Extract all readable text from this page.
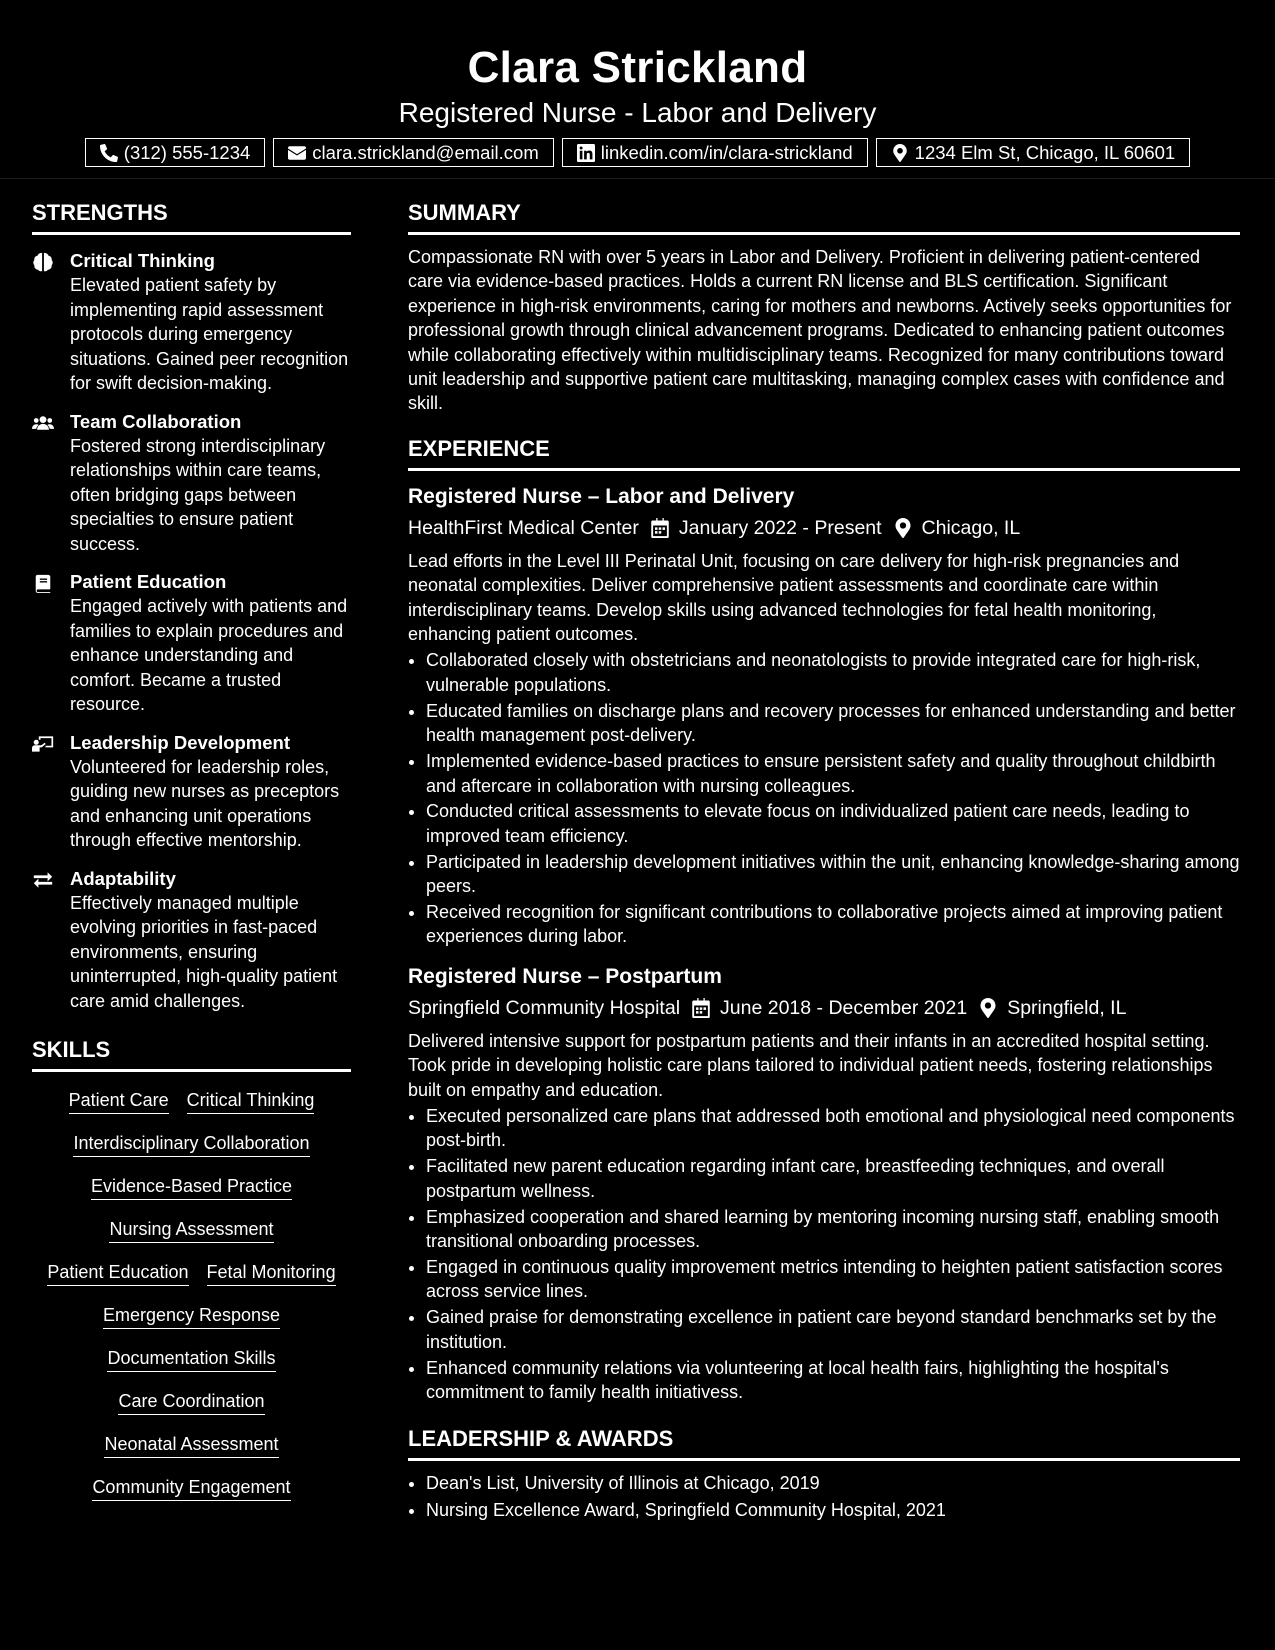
Clara Strickland
Registered Nurse - Labor and Delivery
(312) 555-1234	clara.strickland@email.com	linkedin.com/in/clara-strickland	1234 Elm St, Chicago, IL 60601
STRENGTHS
Critical Thinking
Elevated patient safety by implementing rapid assessment protocols during emergency situations. Gained peer recognition for swift decision-making.
Team Collaboration
Fostered strong interdisciplinary relationships within care teams, often bridging gaps between specialties to ensure patient success.
Patient Education
Engaged actively with patients and families to explain procedures and enhance understanding and comfort. Became a trusted resource.
Leadership Development
Volunteered for leadership roles, guiding new nurses as preceptors and enhancing unit operations through effective mentorship.
Adaptability
Effectively managed multiple evolving priorities in fast-paced environments, ensuring uninterrupted, high-quality patient care amid challenges.
SKILLS
Patient Care Critical Thinking
Interdisciplinary Collaboration
Evidence-Based Practice
Nursing Assessment
Patient Education Fetal Monitoring
Emergency Response
Documentation Skills
Care Coordination
Neonatal Assessment
Community Engagement
SUMMARY

Compassionate RN with over 5 years in Labor and Delivery. Proficient in delivering patient-centered care via evidence-based practices. Holds a current RN license and BLS certification. Significant experience in high-risk environments, caring for mothers and newborns. Actively seeks opportunities for professional growth through clinical advancement programs. Dedicated to enhancing patient outcomes while collaborating effectively within multidisciplinary teams. Recognized for many contributions toward unit leadership and supportive patient care multitasking, managing complex cases with confidence and skill.

EXPERIENCE
Registered Nurse – Labor and Delivery
HealthFirst Medical Center January 2022 - Present Chicago, IL
Lead efforts in the Level III Perinatal Unit, focusing on care delivery for high-risk pregnancies and neonatal complexities. Deliver comprehensive patient assessments and coordinate care within interdisciplinary teams. Develop skills using advanced technologies for fetal health monitoring, enhancing patient outcomes.
• Collaborated closely with obstetricians and neonatologists to provide integrated care for high-risk, vulnerable populations.
• Educated families on discharge plans and recovery processes for enhanced understanding and better health management post-delivery.
• Implemented evidence-based practices to ensure persistent safety and quality throughout childbirth and aftercare in collaboration with nursing colleagues.
• Conducted critical assessments to elevate focus on individualized patient care needs, leading to improved team efficiency.
• Participated in leadership development initiatives within the unit, enhancing knowledge-sharing among peers.
• Received recognition for significant contributions to collaborative projects aimed at improving patient experiences during labor.
Registered Nurse – Postpartum
Springfield Community Hospital June 2018 - December 2021 Springfield, IL
Delivered intensive support for postpartum patients and their infants in an accredited hospital setting. Took pride in developing holistic care plans tailored to individual patient needs, fostering relationships built on empathy and education.
• Executed personalized care plans that addressed both emotional and physiological need components post-birth.
• Facilitated new parent education regarding infant care, breastfeeding techniques, and overall postpartum wellness.
• Emphasized cooperation and shared learning by mentoring incoming nursing staff, enabling smooth transitional onboarding processes.
• Engaged in continuous quality improvement metrics intending to heighten patient satisfaction scores across service lines.
• Gained praise for demonstrating excellence in patient care beyond standard benchmarks set by the institution.
• Enhanced community relations via volunteering at local health fairs, highlighting the hospital's commitment to family health initiativess.
LEADERSHIP & AWARDS
• Dean's List, University of Illinois at Chicago, 2019
• Nursing Excellence Award, Springfield Community Hospital, 2021
